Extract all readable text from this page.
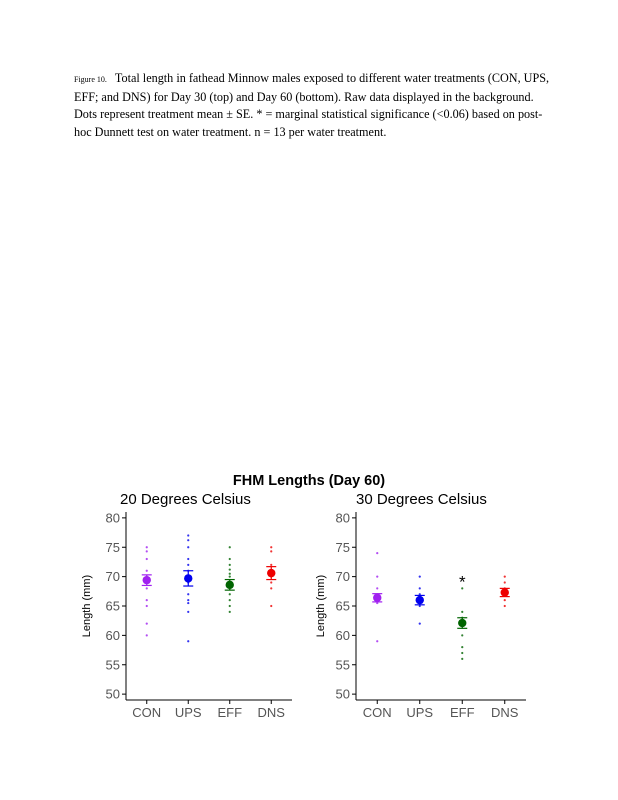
Figure 10. Total length in fathead Minnow males exposed to different water treatments (CON, UPS, EFF; and DNS) for Day 30 (top) and Day 60 (bottom). Raw data displayed in the background. Dots represent treatment mean ± SE. * = marginal statistical significance (<0.06) based on post-hoc Dunnett test on water treatment. n = 13 per water treatment.
FHM Lengths (Day 60)
20 Degrees Celsius
Length (mm)
50
55
60
65
70
75
80
CON UPS EFF DNS
30 Degrees Celsius
Length (mm)
50
55
60
65
70
75
80
CON UPS EFF
*
DNS
